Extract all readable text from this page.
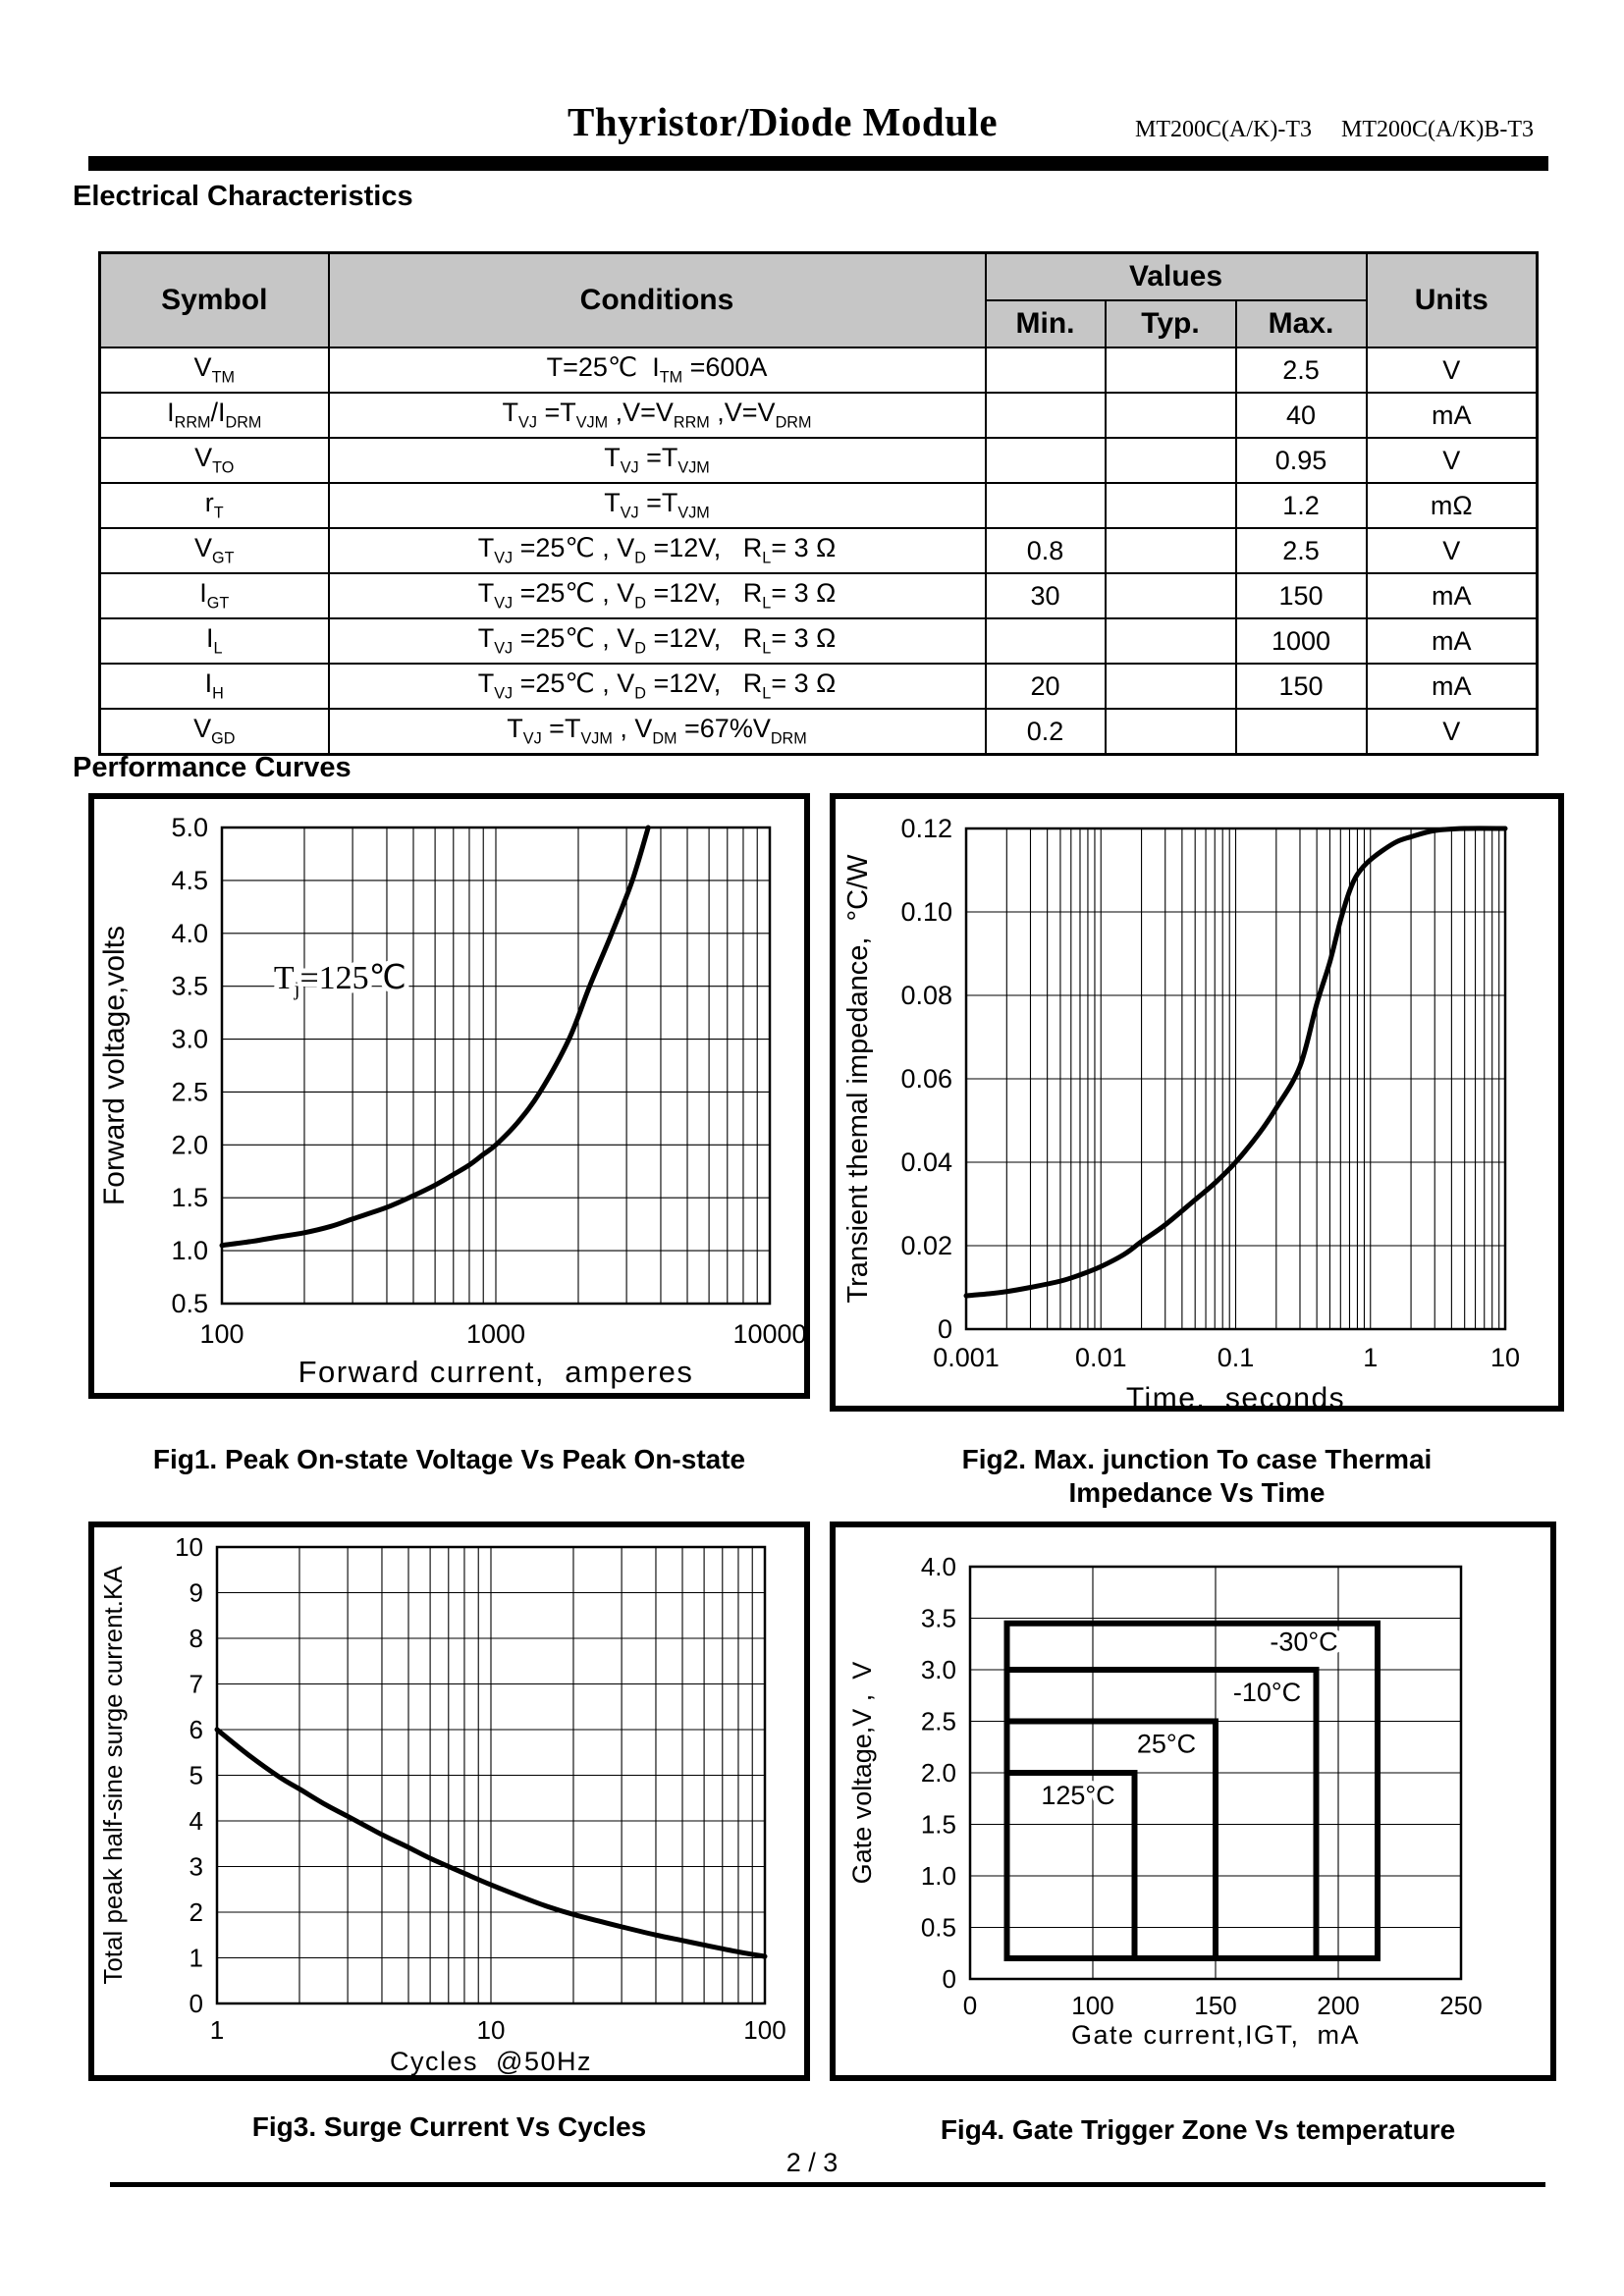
Thyristor/Diode Module	MT200C(A/K)-T3 MT200C(A/K)B-T3
Electrical Characteristics
Symbol	Conditions	Values			Units
		Min.	Typ.	Max.	
$V_{TM}$	T=25℃  $I_{TM} =600A$			2.5	V
$I_{RRM}/I_{DRM}$	$T_{VJ} =T_{VJM}$ $,V=V_{RRM}$ $,V=V_{DRM}$			40	mA
$V_{TO}$	$T_{VJ} =T_{VJM}$			0.95	V
$r_T$	$T_{VJ} =T_{VJM}$			1.2	mΩ
$V_{GT}$	$T_{VJ}$ =25℃ , $V_D =12V$,   $R_L= 3$ Ω	0.8		2.5	V
$I_{GT}$	$T_{VJ}$ =25℃ , $V_D =12V$,   $R_L= 3$ Ω	30		150	mA
$I_L$	$T_{VJ}$ =25℃ , $V_D =12V$,   $R_L= 3$ Ω			1000	mA
$I_H$	$T_{VJ}$ =25℃ , $V_D =12V$,   $R_L= 3$ Ω	20		150	mA
$V_{GD}$	$T_{VJ} =T_{VJM}$ , $V_{DM} =67\%V_{DRM}$	0.2			V
Performance Curves
100	1000	10000
0.5
1.0
1.5
2.0
2.5
3.0
3.5
4.0
4.5
5.0
Forward current,  amperes
Forward voltage,volts	$T_j=125℃$
0.001	0.01	0.1	1	10
0
0.02
0.04
0.06
0.08
0.10
0.12
Time,  seconds
Transient themal impedance,  °C/W
1	10	100
0
1
2
3
4
5
6
7
8
9
10
Cycles  @50Hz
Total peak half-sine surge current.KA	-30°C
-10°C
25°C
125°C
0	100	150	200	250
0
0.5
1.0
1.5
2.0
2.5
3.0
3.5
4.0
Gate current,IGT,  mA
Gate voltage,V ,  V
Fig1. Peak On-state Voltage Vs Peak On-state	Fig2. Max. junction To case Thermai
Impedance Vs Time
Fig3. Surge Current Vs Cycles	Fig4. Gate Trigger Zone Vs temperature
2 / 3
